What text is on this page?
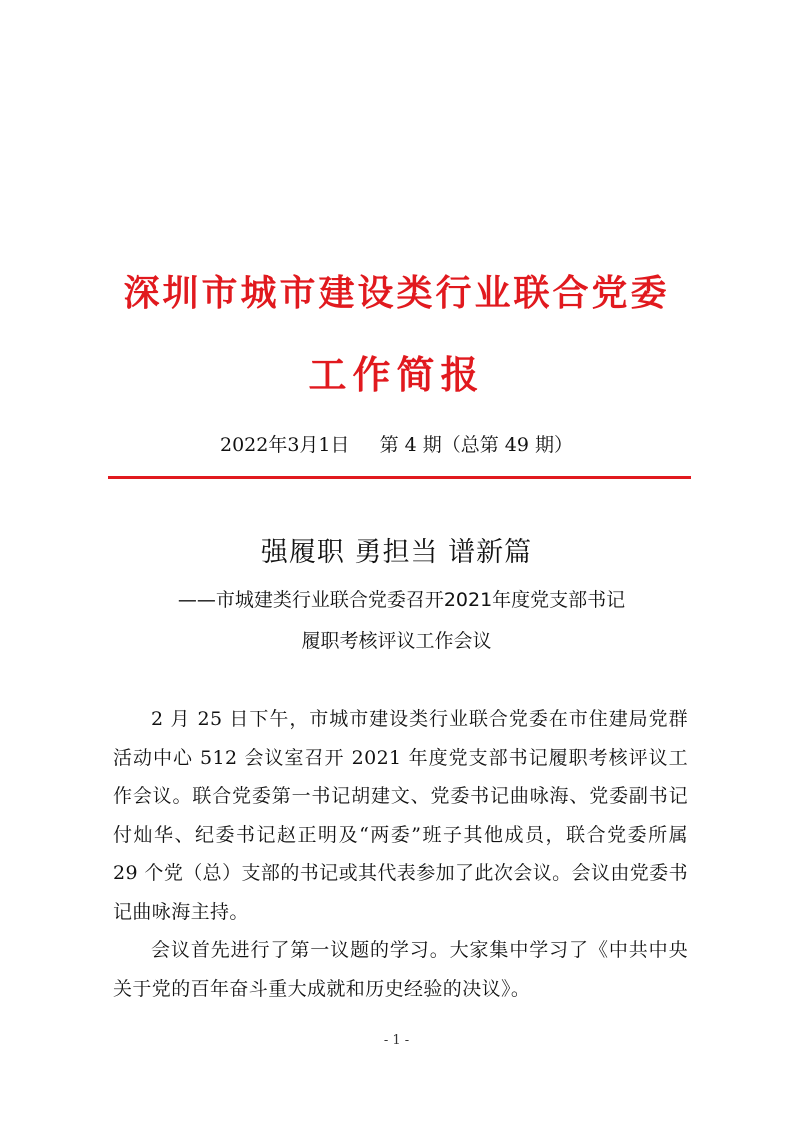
深圳市城市建设类行业联合党委
工作简报
2022年3月1日 第 4 期（总第 49 期）
强履职 勇担当 谱新篇
——市城建类行业联合党委召开2021年度党支部书记
履职考核评议工作会议

2 月 25 日下午，市城市建设类行业联合党委在市住建局党群活动中心 512 会议室召开 2021 年度党支部书记履职考核评议工作会议。联合党委第一书记胡建文、党委书记曲咏海、党委副书记付灿华、纪委书记赵正明及“两委”班子其他成员，联合党委所属 29 个党（总）支部的书记或其代表参加了此次会议。会议由党委书记曲咏海主持。

会议首先进行了第一议题的学习。大家集中学习了《中共中央关于党的百年奋斗重大成就和历史经验的决议》。

- 1 -
